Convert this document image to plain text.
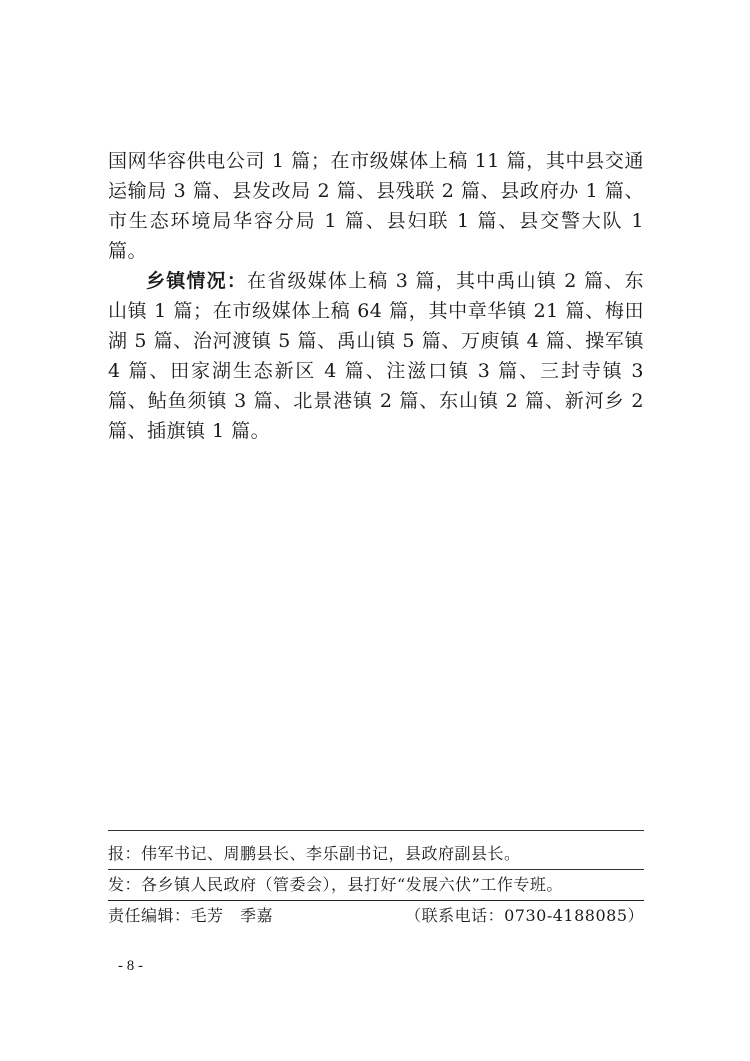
国网华容供电公司 1 篇；在市级媒体上稿 11 篇，其中县交通运输局 3 篇、县发改局 2 篇、县残联 2 篇、县政府办 1 篇、市生态环境局华容分局 1 篇、县妇联 1 篇、县交警大队 1 篇。

乡镇情况：在省级媒体上稿 3 篇，其中禹山镇 2 篇、东山镇 1 篇；在市级媒体上稿 64 篇，其中章华镇 21 篇、梅田湖 5 篇、治河渡镇 5 篇、禹山镇 5 篇、万庾镇 4 篇、操军镇 4 篇、田家湖生态新区 4 篇、注滋口镇 3 篇、三封寺镇 3 篇、鲇鱼须镇 3 篇、北景港镇 2 篇、东山镇 2 篇、新河乡 2 篇、插旗镇 1 篇。

报：伟军书记、周鹏县长、李乐副书记，县政府副县长。
发：各乡镇人民政府（管委会），县打好“发展六伏”工作专班。
责任编辑：毛芳　季嘉	（联系电话：0730-4188085）
- 8 -
